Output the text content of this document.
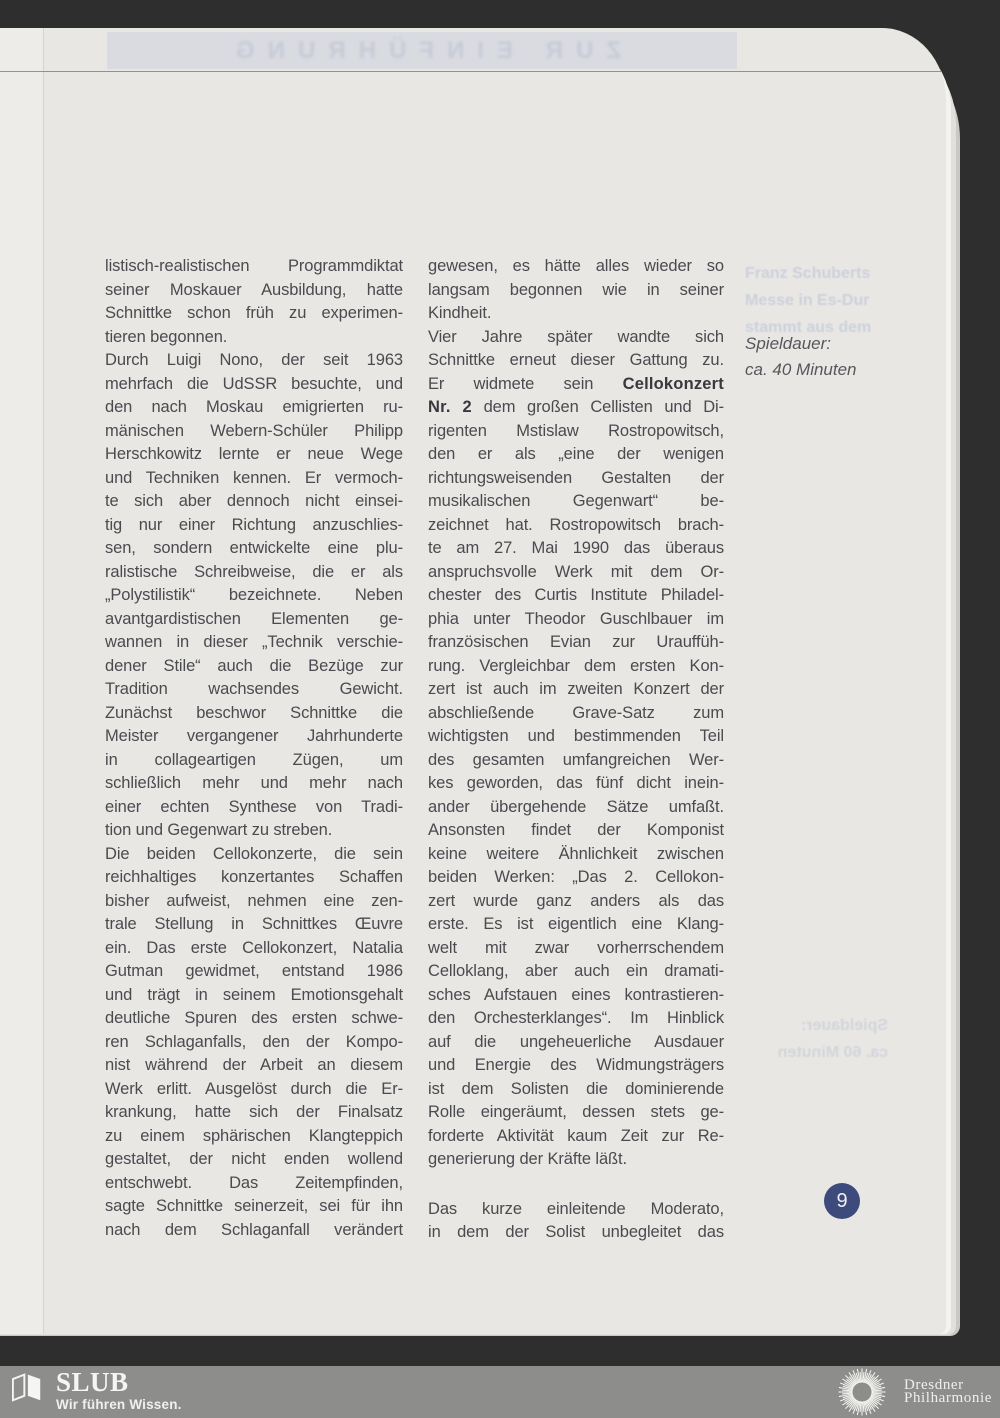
ZUR EINFÜHRUNG
listisch-realistischen Programmdiktat
seiner Moskauer Ausbildung, hatte
Schnittke schon früh zu experimen-
tieren begonnen.
Durch Luigi Nono, der seit 1963
mehrfach die UdSSR besuchte, und
den nach Moskau emigrierten ru-
mänischen Webern-Schüler Philipp
Herschkowitz lernte er neue Wege
und Techniken kennen. Er vermoch-
te sich aber dennoch nicht einsei-
tig nur einer Richtung anzuschlies-
sen, sondern entwickelte eine plu-
ralistische Schreibweise, die er als
„Polystilistik“ bezeichnete. Neben
avantgardistischen Elementen ge-
wannen in dieser „Technik verschie-
dener Stile“ auch die Bezüge zur
Tradition wachsendes Gewicht.
Zunächst beschwor Schnittke die
Meister vergangener Jahrhunderte
in collageartigen Zügen, um
schließlich mehr und mehr nach
einer echten Synthese von Tradi-
tion und Gegenwart zu streben.
Die beiden Cellokonzerte, die sein
reichhaltiges konzertantes Schaffen
bisher aufweist, nehmen eine zen-
trale Stellung in Schnittkes Œuvre
ein. Das erste Cellokonzert, Natalia
Gutman gewidmet, entstand 1986
und trägt in seinem Emotionsgehalt
deutliche Spuren des ersten schwe-
ren Schlaganfalls, den der Kompo-
nist während der Arbeit an diesem
Werk erlitt. Ausgelöst durch die Er-
krankung, hatte sich der Finalsatz
zu einem sphärischen Klangteppich
gestaltet, der nicht enden wollend
entschwebt. Das Zeitempfinden,
sagte Schnittke seinerzeit, sei für ihn
nach dem Schlaganfall verändert
gewesen, es hätte alles wieder so
langsam begonnen wie in seiner
Kindheit.
Vier Jahre später wandte sich
Schnittke erneut dieser Gattung zu.
Er widmete sein Cellokonzert
Nr. 2 dem großen Cellisten und Di-
rigenten Mstislaw Rostropowitsch,
den er als „eine der wenigen
richtungsweisenden Gestalten der
musikalischen Gegenwart“ be-
zeichnet hat. Rostropowitsch brach-
te am 27. Mai 1990 das überaus
anspruchsvolle Werk mit dem Or-
chester des Curtis Institute Philadel-
phia unter Theodor Guschlbauer im
französischen Evian zur Urauffüh-
rung. Vergleichbar dem ersten Kon-
zert ist auch im zweiten Konzert der
abschließende Grave-Satz zum
wichtigsten und bestimmenden Teil
des gesamten umfangreichen Wer-
kes geworden, das fünf dicht inein-
ander übergehende Sätze umfaßt.
Ansonsten findet der Komponist
keine weitere Ähnlichkeit zwischen
beiden Werken: „Das 2. Cellokon-
zert wurde ganz anders als das
erste. Es ist eigentlich eine Klang-
welt mit zwar vorherrschendem
Celloklang, aber auch ein dramati-
sches Aufstauen eines kontrastieren-
den Orchesterklanges“. Im Hinblick
auf die ungeheuerliche Ausdauer
und Energie des Widmungsträgers
ist dem Solisten die dominierende
Rolle eingeräumt, dessen stets ge-
forderte Aktivität kaum Zeit zur Re-
generierung der Kräfte läßt.
Das kurze einleitende Moderato,
in dem der Solist unbegleitet das
Franz Schuberts
Messe in Es-Dur
stammt aus dem
Spieldauer:
ca. 40 Minuten
Spieldauer:
ca. 60 Minuten
9
SLUB
Wir führen Wissen.
Dresdner
Philharmonie
